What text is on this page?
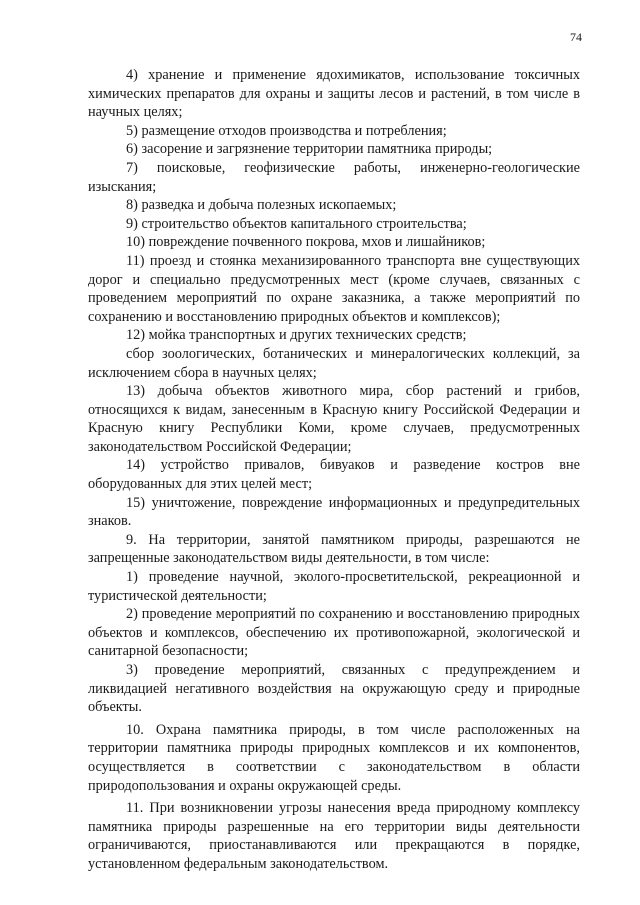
74

4) хранение и применение ядохимикатов, использование токсичных химических препаратов для охраны и защиты лесов и растений, в том числе в научных целях;

5) размещение отходов производства и потребления;

6) засорение и загрязнение территории памятника природы;

7) поисковые, геофизические работы, инженерно-геологические изыскания;

8) разведка и добыча полезных ископаемых;

9) строительство объектов капитального строительства;

10) повреждение почвенного покрова, мхов и лишайников;

11) проезд и стоянка механизированного транспорта вне существующих дорог и специально предусмотренных мест (кроме случаев, связанных с проведением мероприятий по охране заказника, а также мероприятий по сохранению и восстановлению природных объектов и комплексов);

12) мойка транспортных и других технических средств;

сбор зоологических, ботанических и минералогических коллекций, за исключением сбора в научных целях;

13) добыча объектов животного мира, сбор растений и грибов, относящихся к видам, занесенным в Красную книгу Российской Федерации и Красную книгу Республики Коми, кроме случаев, предусмотренных законодательством Российской Федерации;

14) устройство привалов, бивуаков и разведение костров вне оборудованных для этих целей мест;

15) уничтожение, повреждение информационных и предупредительных знаков.

9. На территории, занятой памятником природы, разрешаются не запрещенные законодательством виды деятельности, в том числе:

1) проведение научной, эколого-просветительской, рекреационной и туристической деятельности;

2) проведение мероприятий по сохранению и восстановлению природных объектов и комплексов, обеспечению их противопожарной, экологической и санитарной безопасности;

3) проведение мероприятий, связанных с предупреждением и ликвидацией негативного воздействия на окружающую среду и природные объекты.

10. Охрана памятника природы, в том числе расположенных на территории памятника природы природных комплексов и их компонентов, осуществляется в соответствии с законодательством в области природопользования и охраны окружающей среды.

11. При возникновении угрозы нанесения вреда природному комплексу памятника природы разрешенные на его территории виды деятельности ограничиваются, приостанавливаются или прекращаются в порядке, установленном федеральным законодательством.
